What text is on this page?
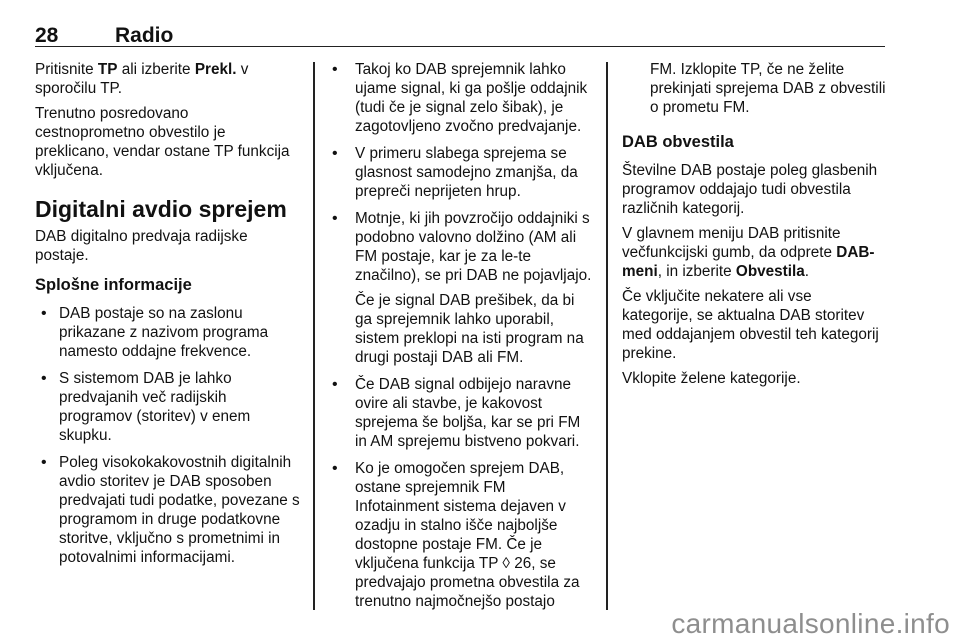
28	Radio

Pritisnite TP ali izberite Prekl. v sporočilu TP.

Trenutno posredovano cestnoprometno obvestilo je preklicano, vendar ostane TP funkcija vključena.

Digitalni avdio sprejem

DAB digitalno predvaja radijske postaje.

Splošne informacije
• DAB postaje so na zaslonu prikazane z nazivom programa namesto oddajne frekvence.
• S sistemom DAB je lahko predvajanih več radijskih programov (storitev) v enem skupku.
• Poleg visokokakovostnih digitalnih avdio storitev je DAB sposoben predvajati tudi podatke, povezane s programom in druge podatkovne storitve, vključno s prometnimi in potovalnimi informacijami.
• Takoj ko DAB sprejemnik lahko ujame signal, ki ga pošlje oddajnik (tudi če je signal zelo šibak), je zagotovljeno zvočno predvajanje.
• V primeru slabega sprejema se glasnost samodejno zmanjša, da prepreči neprijeten hrup.
• Motnje, ki jih povzročijo oddajniki s podobno valovno dolžino (AM ali FM postaje, kar je za le-te značilno), se pri DAB ne pojavljajo.

Če je signal DAB prešibek, da bi ga sprejemnik lahko uporabil, sistem preklopi na isti program na drugi postaji DAB ali FM.

• Če DAB signal odbijejo naravne ovire ali stavbe, je kakovost sprejema še boljša, kar se pri FM in AM sprejemu bistveno pokvari.
• Ko je omogočen sprejem DAB, ostane sprejemnik FM Infotainment sistema dejaven v ozadju in stalno išče najboljše dostopne postaje FM. Če je vključena funkcija TP ◊ 26, se predvajajo prometna obvestila za trenutno najmočnejšo postajo

FM. Izklopite TP, če ne želite prekinjati sprejema DAB z obvestili o prometu FM.

DAB obvestila

Številne DAB postaje poleg glasbenih programov oddajajo tudi obvestila različnih kategorij.

V glavnem meniju DAB pritisnite večfunkcijski gumb, da odprete DAB-meni, in izberite Obvestila.

Če vključite nekatere ali vse kategorije, se aktualna DAB storitev med oddajanjem obvestil teh kategorij prekine.

Vklopite želene kategorije.

carmanualsonline.info
